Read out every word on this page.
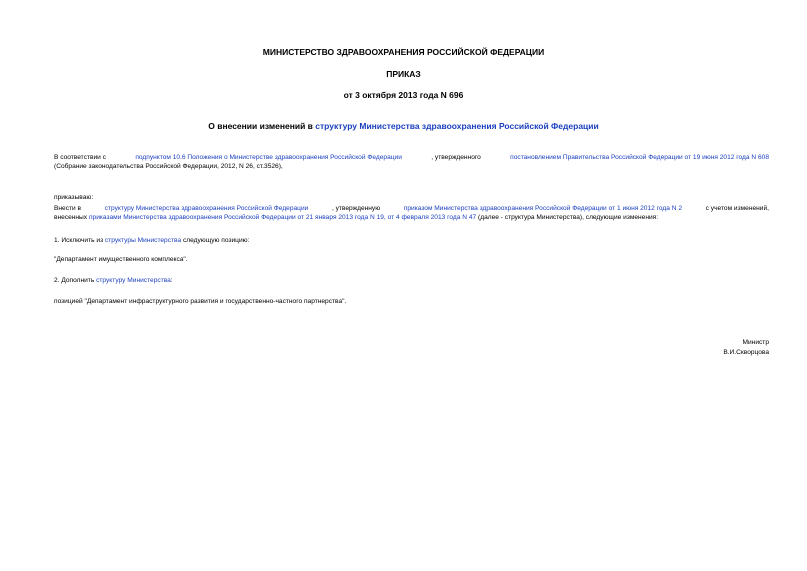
МИНИСТЕРСТВО ЗДРАВООХРАНЕНИЯ РОССИЙСКОЙ ФЕДЕРАЦИИ
ПРИКАЗ
от 3 октября 2013 года N 696
О внесении изменений в структуру Министерства здравоохранения Российской Федерации
В соответствии с	подпунктом 10.6 Положения о Министерстве здравоохранения Российской Федерации	, утвержденного	постановлением Правительства Российской Федерации от 19 июня 2012 года N 608
(Собрание законодательства Российской Федерации, 2012, N 26, ст.3526),
приказываю:
Внести в	структуру Министерства здравоохранения Российской Федерации	, утвержденную	приказом Министерства здравоохранения Российской Федерации от 1 июня 2012 года N 2	с учетом изменений,
внесенных приказами Министерства здравоохранения Российской Федерации от 21 января 2013 года N 19, от 4 февраля 2013 года N 47 (далее - структура Министерства), следующие изменения:
1. Исключить из структуры Министерства следующую позицию:
"Департамент имущественного комплекса".
2. Дополнить структуру Министерства:
позицией "Департамент инфраструктурного развития и государственно-частного партнерства".
Министр
В.И.Скворцова
